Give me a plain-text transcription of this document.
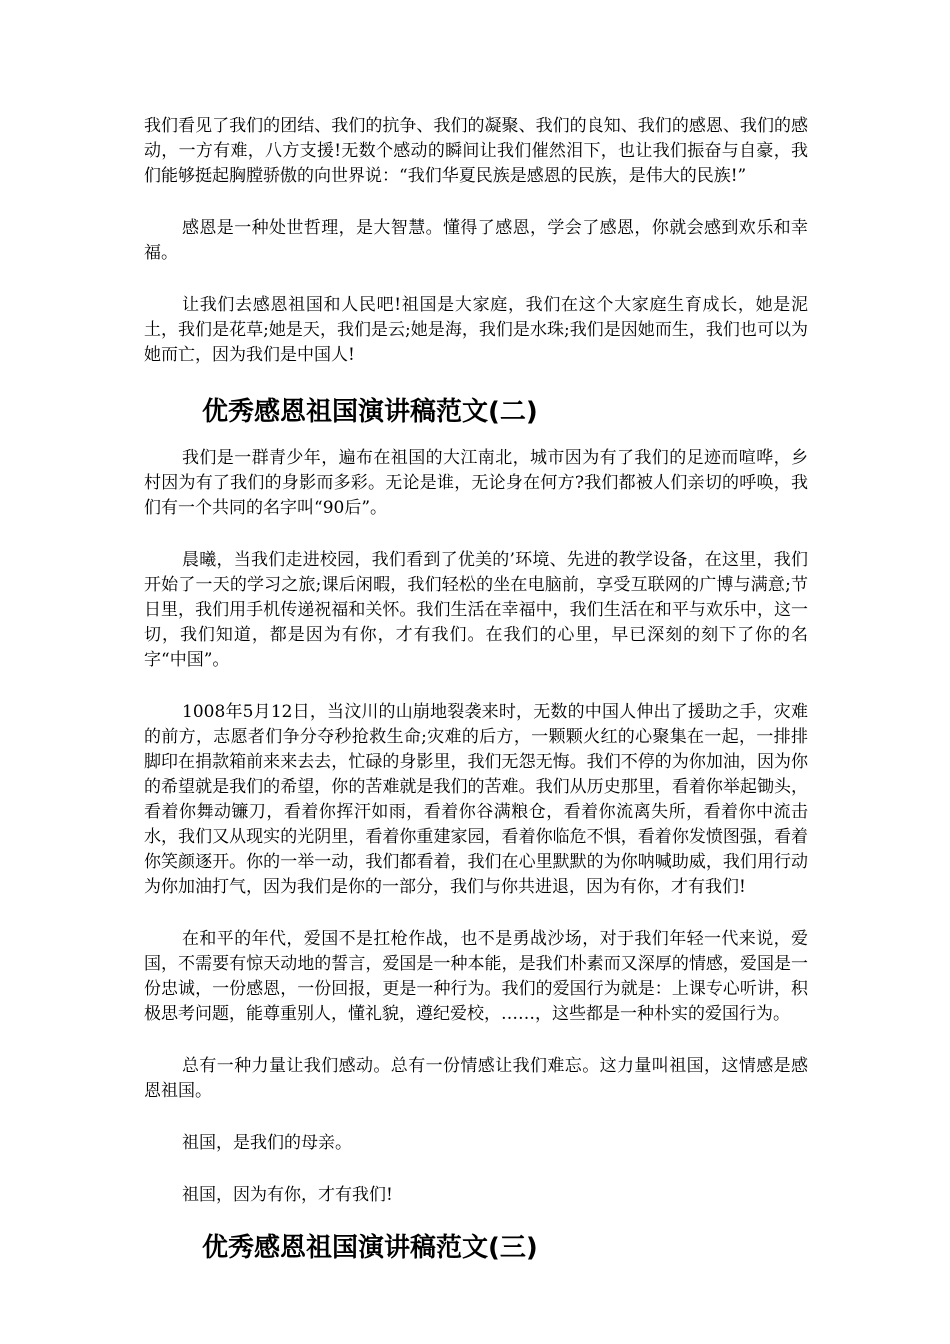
我们看见了我们的团结、我们的抗争、我们的凝聚、我们的良知、我们的感恩、我们的感动，一方有难，八方支援!无数个感动的瞬间让我们催然泪下，也让我们振奋与自豪，我们能够挺起胸膛骄傲的向世界说：“我们华夏民族是感恩的民族，是伟大的民族!”

感恩是一种处世哲理，是大智慧。懂得了感恩，学会了感恩，你就会感到欢乐和幸福。

让我们去感恩祖国和人民吧!祖国是大家庭，我们在这个大家庭生育成长，她是泥土，我们是花草;她是天，我们是云;她是海，我们是水珠;我们是因她而生，我们也可以为她而亡，因为我们是中国人!

优秀感恩祖国演讲稿范文(二)

我们是一群青少年，遍布在祖国的大江南北，城市因为有了我们的足迹而喧哗，乡村因为有了我们的身影而多彩。无论是谁，无论身在何方?我们都被人们亲切的呼唤，我们有一个共同的名字叫“90后”。

晨曦，当我们走进校园，我们看到了优美的’环境、先进的教学设备，在这里，我们开始了一天的学习之旅;课后闲暇，我们轻松的坐在电脑前，享受互联网的广博与满意;节日里，我们用手机传递祝福和关怀。我们生活在幸福中，我们生活在和平与欢乐中，这一切，我们知道，都是因为有你，才有我们。在我们的心里，早已深刻的刻下了你的名字“中国”。

1008年5月12日，当汶川的山崩地裂袭来时，无数的中国人伸出了援助之手，灾难的前方，志愿者们争分夺秒抢救生命;灾难的后方，一颗颗火红的心聚集在一起，一排排脚印在捐款箱前来来去去，忙碌的身影里，我们无怨无悔。我们不停的为你加油，因为你的希望就是我们的希望，你的苦难就是我们的苦难。我们从历史那里，看着你举起锄头，看着你舞动镰刀，看着你挥汗如雨，看着你谷满粮仓，看着你流离失所，看着你中流击水，我们又从现实的光阴里，看着你重建家园，看着你临危不惧，看着你发愤图强，看着你笑颜逐开。你的一举一动，我们都看着，我们在心里默默的为你呐喊助威，我们用行动为你加油打气，因为我们是你的一部分，我们与你共进退，因为有你，才有我们!

在和平的年代，爱国不是扛枪作战，也不是勇战沙场，对于我们年轻一代来说，爱国，不需要有惊天动地的誓言，爱国是一种本能，是我们朴素而又深厚的情感，爱国是一份忠诚，一份感恩，一份回报，更是一种行为。我们的爱国行为就是：上课专心听讲，积极思考问题，能尊重别人，懂礼貌，遵纪爱校，……，这些都是一种朴实的爱国行为。

总有一种力量让我们感动。总有一份情感让我们难忘。这力量叫祖国，这情感是感恩祖国。

祖国，是我们的母亲。

祖国，因为有你，才有我们!

优秀感恩祖国演讲稿范文(三)
